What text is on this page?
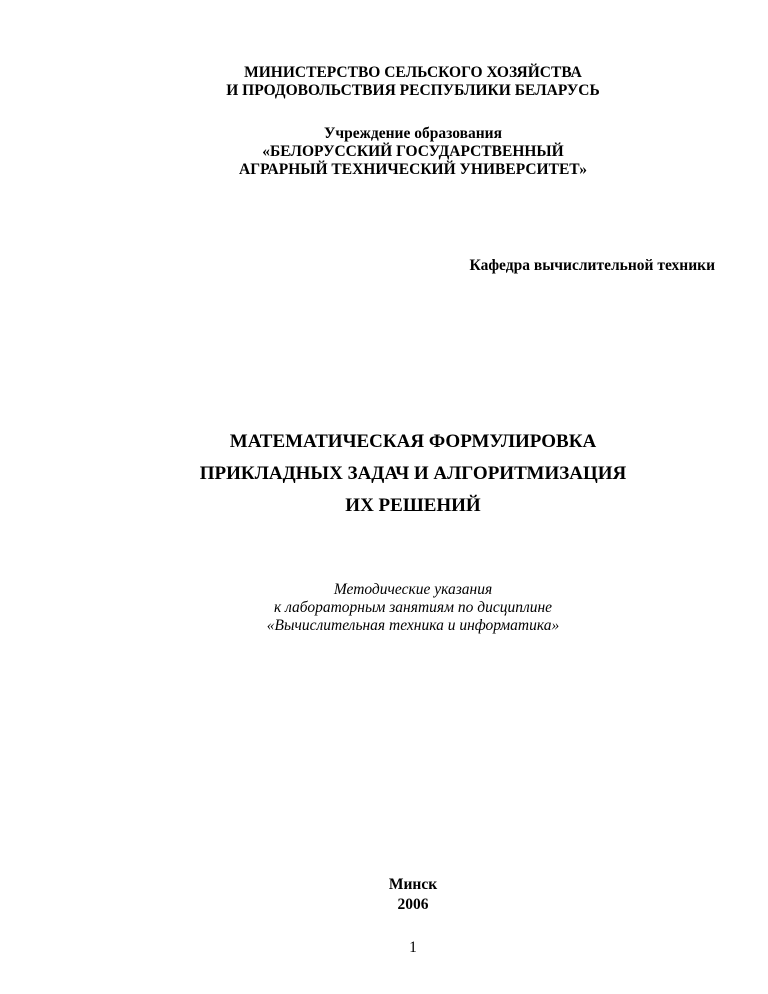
МИНИСТЕРСТВО СЕЛЬСКОГО ХОЗЯЙСТВА
И ПРОДОВОЛЬСТВИЯ РЕСПУБЛИКИ БЕЛАРУСЬ
Учреждение образования
«БЕЛОРУССКИЙ ГОСУДАРСТВЕННЫЙ
АГРАРНЫЙ ТЕХНИЧЕСКИЙ УНИВЕРСИТЕТ»
Кафедра вычислительной техники
МАТЕМАТИЧЕСКАЯ ФОРМУЛИРОВКА
ПРИКЛАДНЫХ ЗАДАЧ И АЛГОРИТМИЗАЦИЯ
ИХ РЕШЕНИЙ
Методические указания
к лабораторным занятиям по дисциплине
«Вычислительная техника и информатика»
Минск
2006
1
